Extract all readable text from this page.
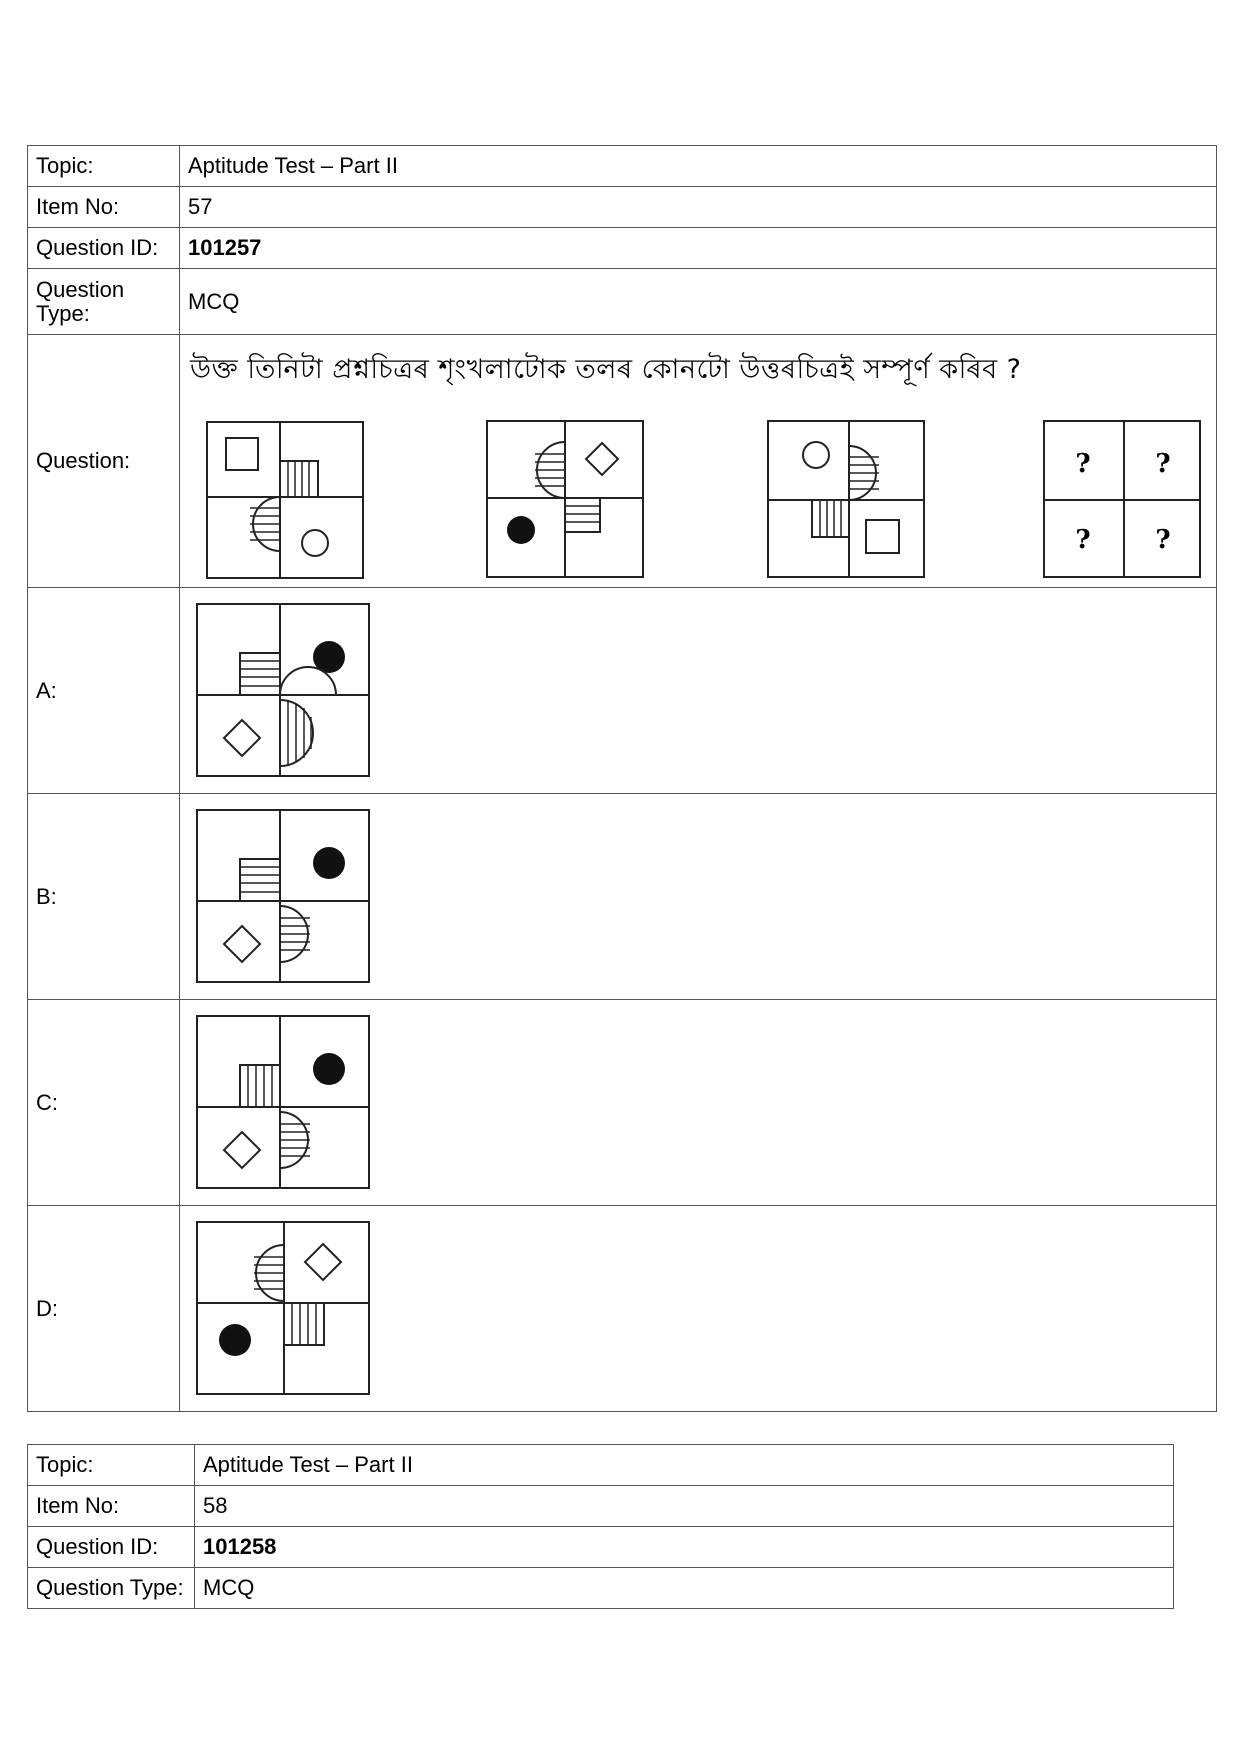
Topic:	Aptitude Test – Part II
Item No:	57
Question ID:	101257
Question Type:	MCQ
Question:	উক্ত তিনিটা প্ৰশ্নচিত্ৰৰ শৃংখলাটোক তলৰ কোনটো উত্তৰচিত্ৰই সম্পূৰ্ণ কৰিব ?
? ?
? ?

A:	

B:	

C:	

D:	
Topic:	Aptitude Test – Part II
Item No:	58
Question ID:	101258
Question Type:	MCQ
